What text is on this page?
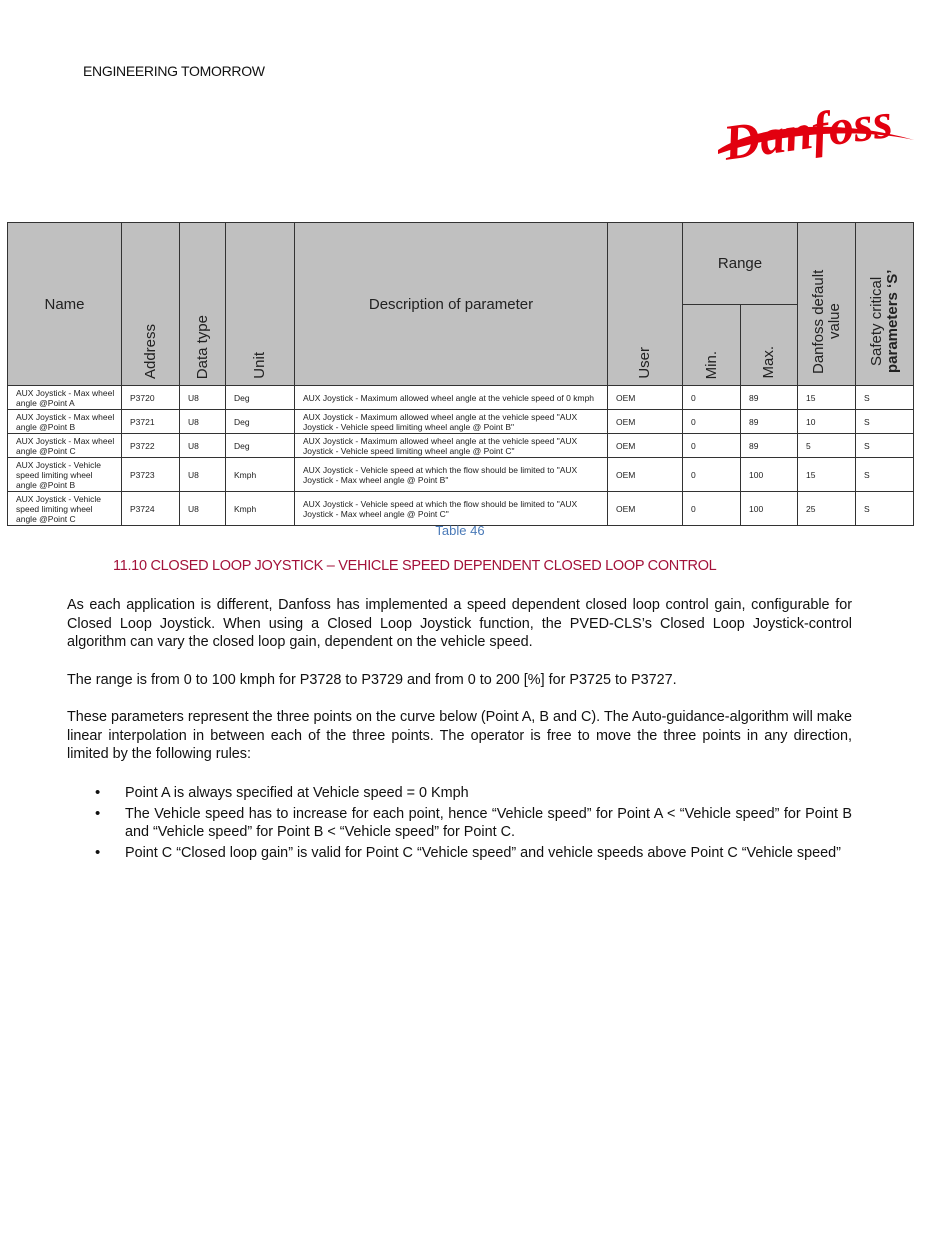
ENGINEERING TOMORROW
Danfoss
Name	Address	Data type	Unit	Description of parameter	User	Range		Danfoss default value	Safety critical parameters ‘S’

						Min.	Max.		

AUX Joystick - Max wheel angle @Point A	P3720	U8	Deg	AUX Joystick - Maximum allowed wheel angle at the vehicle speed of 0 kmph	OEM	0	89	15	S
AUX Joystick - Max wheel angle @Point B	P3721	U8	Deg	AUX Joystick - Maximum allowed wheel angle at the vehicle speed "AUX Joystick - Vehicle speed limiting wheel angle @ Point B"	OEM	0	89	10	S
AUX Joystick - Max wheel angle @Point C	P3722	U8	Deg	AUX Joystick - Maximum allowed wheel angle at the vehicle speed "AUX Joystick - Vehicle speed limiting wheel angle @ Point C"	OEM	0	89	5	S
AUX Joystick - Vehicle speed limiting wheel angle @Point B	P3723	U8	Kmph	AUX Joystick - Vehicle speed at which the flow should be limited to "AUX Joystick - Max wheel angle @ Point B"	OEM	0	100	15	S
AUX Joystick - Vehicle speed limiting wheel angle @Point C	P3724	U8	Kmph	AUX Joystick - Vehicle speed at which the flow should be limited to "AUX Joystick - Max wheel angle @ Point C"	OEM	0	100	25	S
Table 46
11.10 CLOSED LOOP JOYSTICK – VEHICLE SPEED DEPENDENT CLOSED LOOP CONTROL

As each application is different, Danfoss has implemented a speed dependent closed loop control gain, configurable for Closed Loop Joystick. When using a Closed Loop Joystick function, the PVED-CLS’s Closed Loop Joystick-control algorithm can vary the closed loop gain, dependent on the vehicle speed.

The range is from 0 to 100 kmph for P3728 to P3729 and from 0 to 200 [%] for P3725 to P3727.

These parameters represent the three points on the curve below (Point A, B and C). The Auto-guidance-algorithm will make linear interpolation in between each of the three points. The operator is free to move the three points in any direction, limited by the following rules:

• Point A is always specified at Vehicle speed = 0 Kmph
• The Vehicle speed has to increase for each point, hence “Vehicle speed” for Point A < “Vehicle speed” for Point B and “Vehicle speed” for Point B < “Vehicle speed” for Point C.
• Point C “Closed loop gain” is valid for Point C “Vehicle speed” and vehicle speeds above Point C “Vehicle speed”
